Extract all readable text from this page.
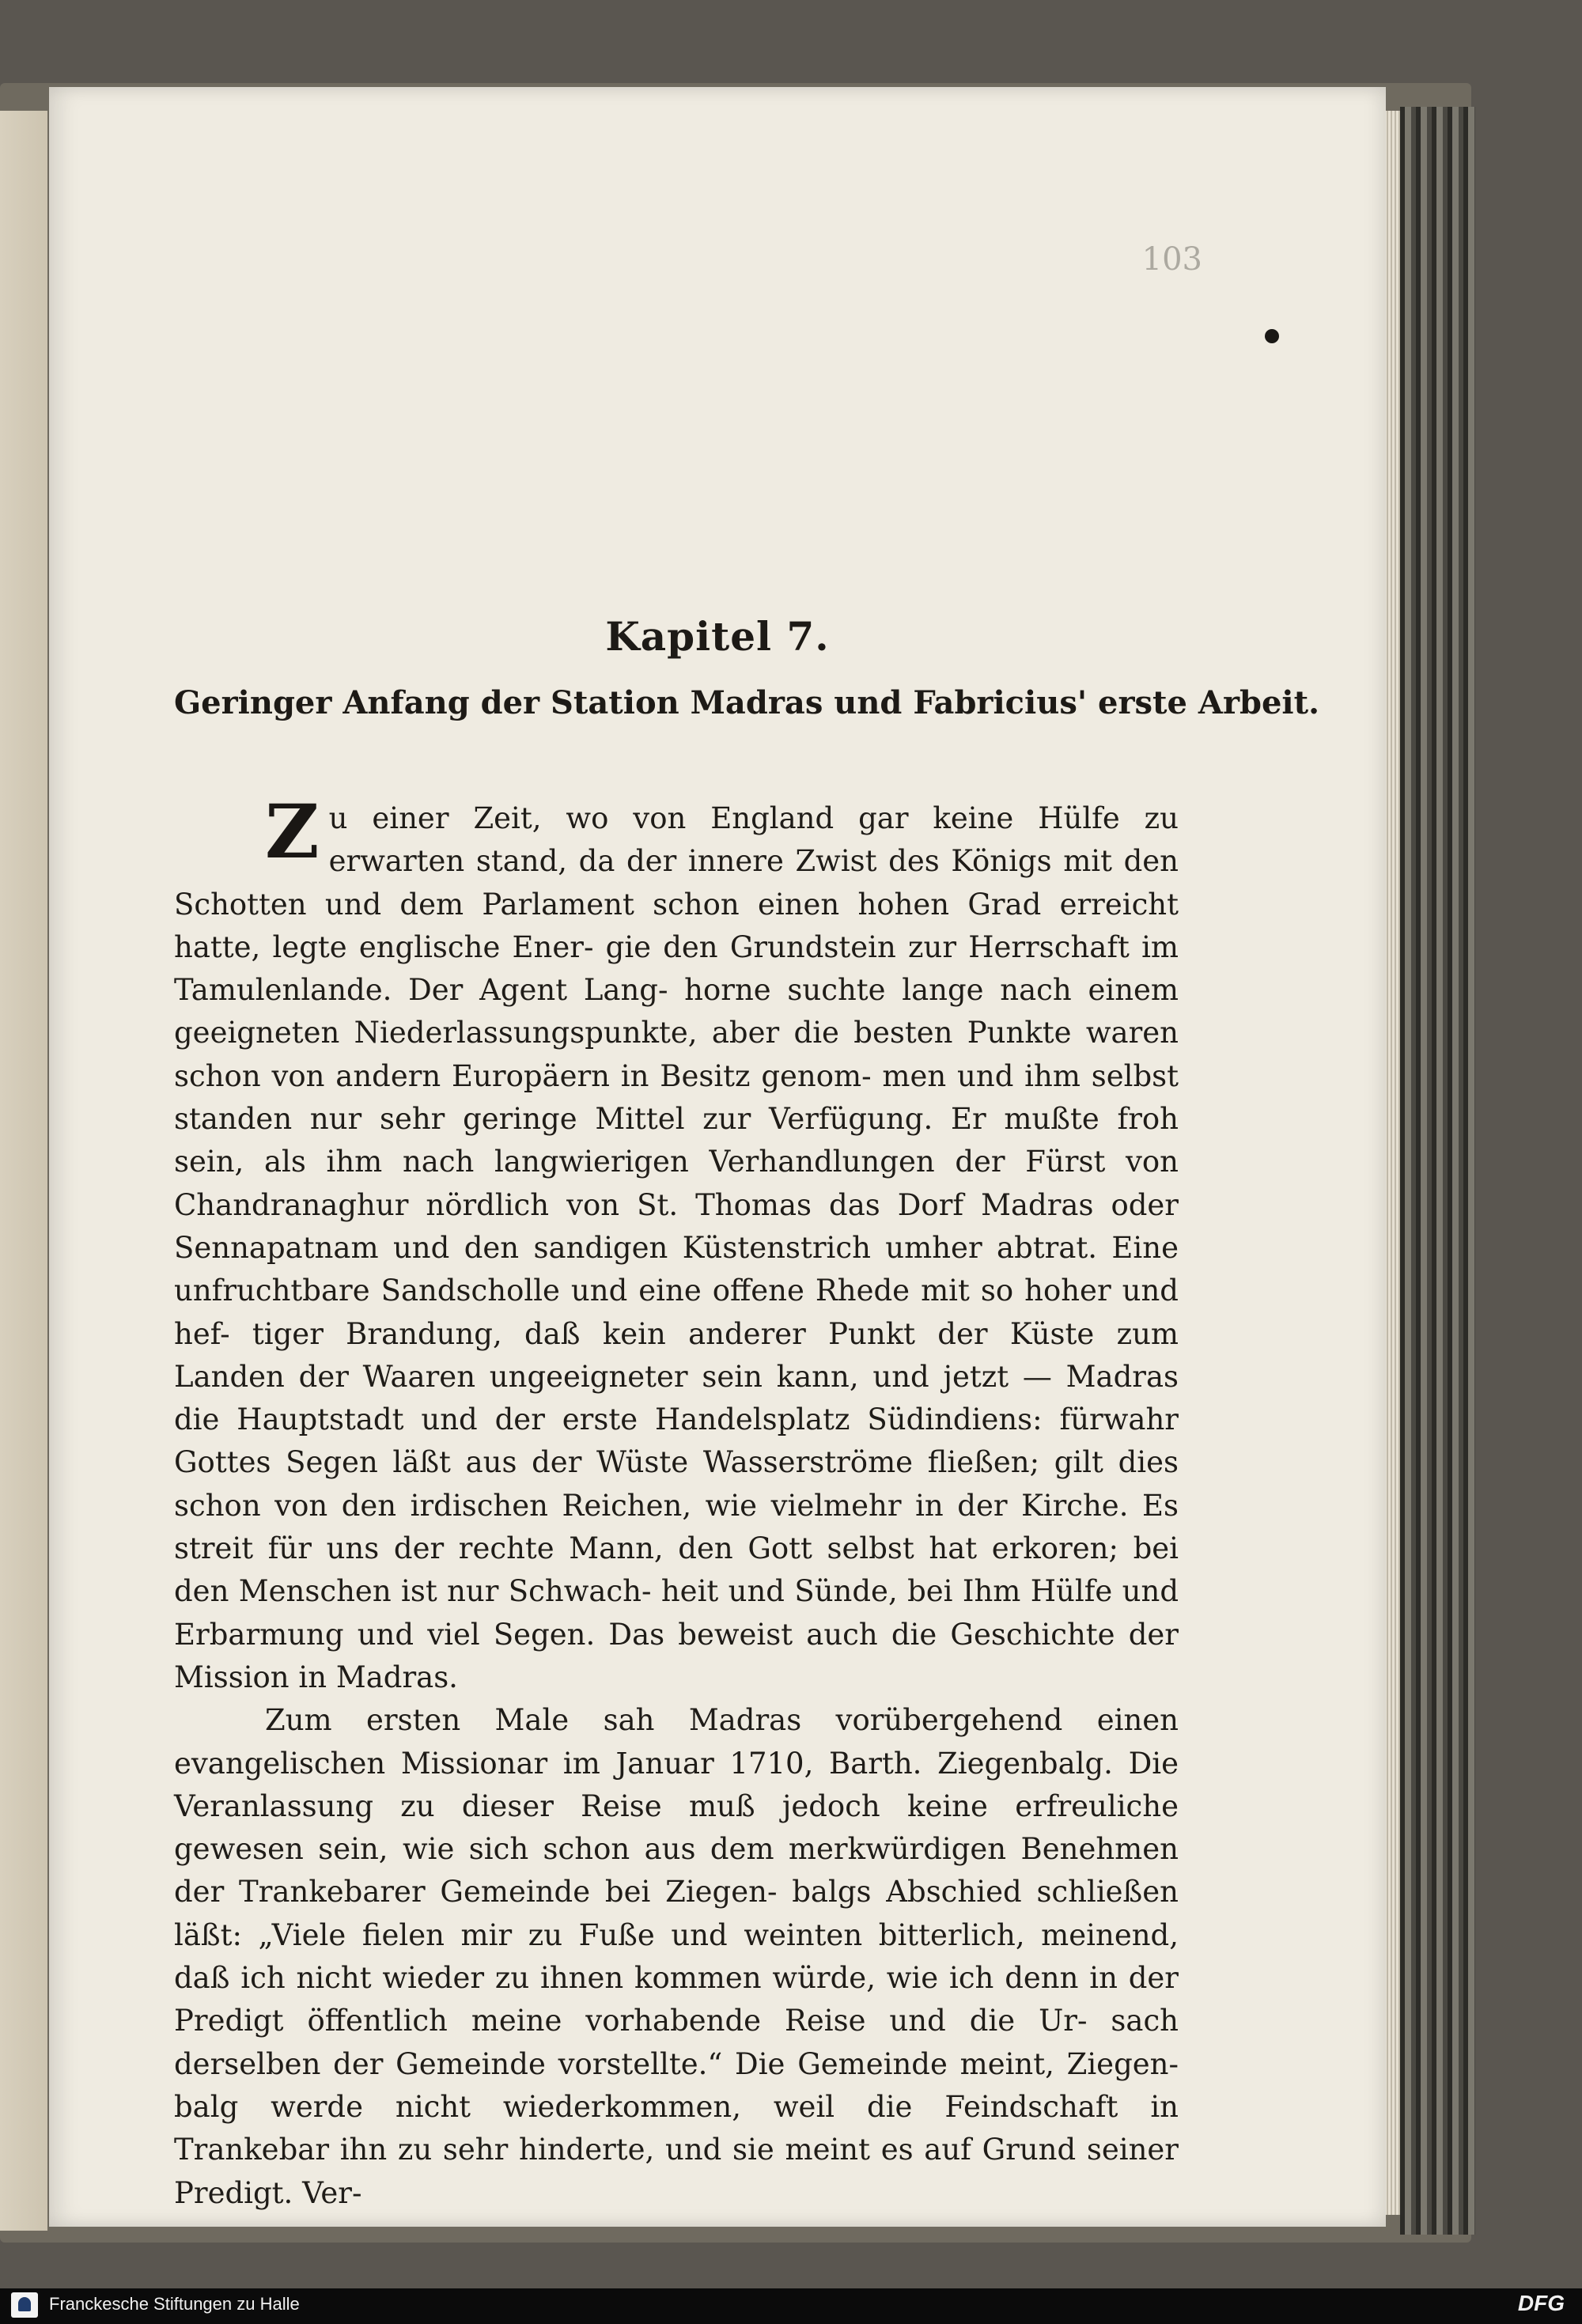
103
Kapitel 7.
Geringer Anfang der Station Madras und Fabricius' erste Arbeit.

Zu einer Zeit, wo von England gar keine Hülfe zu erwarten stand, da der innere Zwist des Königs mit den Schotten und dem Parlament schon einen hohen Grad erreicht hatte, legte englische Ener- gie den Grundstein zur Herrschaft im Tamulenlande. Der Agent Lang- horne suchte lange nach einem geeigneten Niederlassungspunkte, aber die besten Punkte waren schon von andern Europäern in Besitz genom- men und ihm selbst standen nur sehr geringe Mittel zur Verfügung. Er mußte froh sein, als ihm nach langwierigen Verhandlungen der Fürst von Chandranaghur nördlich von St. Thomas das Dorf Madras oder Sennapatnam und den sandigen Küstenstrich umher abtrat. Eine unfruchtbare Sandscholle und eine offene Rhede mit so hoher und hef- tiger Brandung, daß kein anderer Punkt der Küste zum Landen der Waaren ungeeigneter sein kann, und jetzt — Madras die Hauptstadt und der erste Handelsplatz Südindiens: fürwahr Gottes Segen läßt aus der Wüste Wasserströme fließen; gilt dies schon von den irdischen Reichen, wie vielmehr in der Kirche. Es streit für uns der rechte Mann, den Gott selbst hat erkoren; bei den Menschen ist nur Schwach- heit und Sünde, bei Ihm Hülfe und Erbarmung und viel Segen. Das beweist auch die Geschichte der Mission in Madras.

Zum ersten Male sah Madras vorübergehend einen evangelischen Missionar im Januar 1710, Barth. Ziegenbalg. Die Veranlassung zu dieser Reise muß jedoch keine erfreuliche gewesen sein, wie sich schon aus dem merkwürdigen Benehmen der Trankebarer Gemeinde bei Ziegen- balgs Abschied schließen läßt: „Viele fielen mir zu Fuße und weinten bitterlich, meinend, daß ich nicht wieder zu ihnen kommen würde, wie ich denn in der Predigt öffentlich meine vorhabende Reise und die Ur- sach derselben der Gemeinde vorstellte.“ Die Gemeinde meint, Ziegen- balg werde nicht wiederkommen, weil die Feindschaft in Trankebar ihn zu sehr hinderte, und sie meint es auf Grund seiner Predigt. Ver-

Franckesche Stiftungen zu Halle	DFG
